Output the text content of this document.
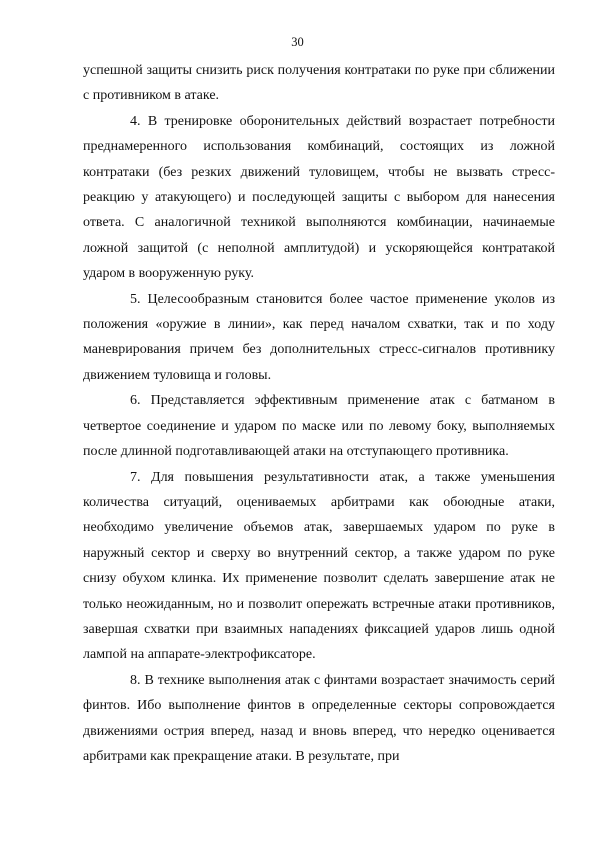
30

успешной защиты снизить риск получения контратаки по руке при сближении с противником в атаке.

4. В тренировке оборонительных действий возрастает потребности преднамеренного использования комбинаций, состоящих из ложной контратаки (без резких движений туловищем, чтобы не вызвать стресс-реакцию у атакующего) и последующей защиты с выбором для нанесения ответа. С аналогичной техникой выполняются комбинации, начинаемые ложной защитой (с неполной амплитудой) и ускоряющейся контратакой ударом в вооруженную руку.

5. Целесообразным становится более частое применение уколов из положения «оружие в линии», как перед началом схватки, так и по ходу маневрирования причем без дополнительных стресс-сигналов противнику движением туловища и головы.

6. Представляется эффективным применение атак с батманом в четвертое соединение и ударом по маске или по левому боку, выполняемых после длинной подготавливающей атаки на отступающего противника.

7. Для повышения результативности атак, а также уменьшения количества ситуаций, оцениваемых арбитрами как обоюдные атаки, необходимо увеличение объемов атак, завершаемых ударом по руке в наружный сектор и сверху во внутренний сектор, а также ударом по руке снизу обухом клинка. Их применение позволит сделать завершение атак не только неожиданным, но и позволит опережать встречные атаки противников, завершая схватки при взаимных нападениях фиксацией ударов лишь одной лампой на аппарате-электрофиксаторе.

8. В технике выполнения атак с финтами возрастает значимость серий финтов. Ибо выполнение финтов в определенные секторы сопровождается движениями острия вперед, назад и вновь вперед, что нередко оценивается арбитрами как прекращение атаки. В результате, при
